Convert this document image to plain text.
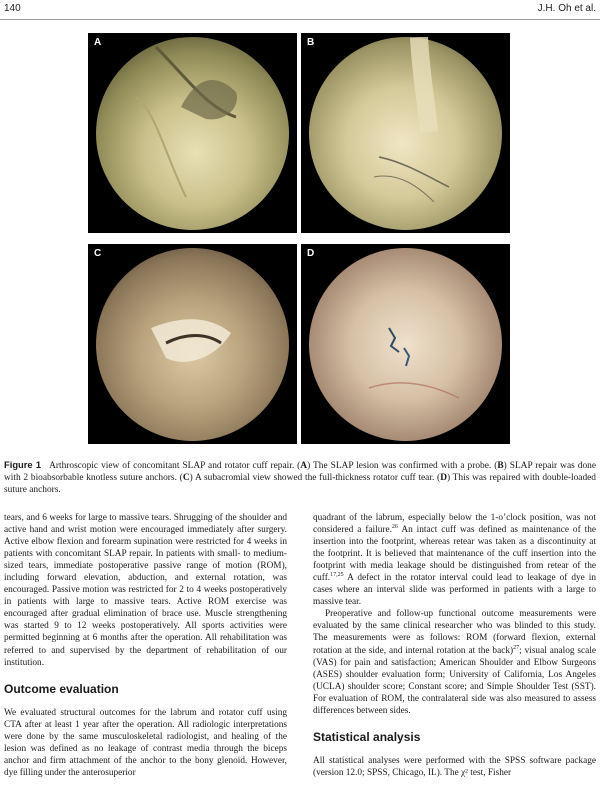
140	J.H. Oh et al.
A	B
C	D
Figure 1 Arthroscopic view of concomitant SLAP and rotator cuff repair. (A) The SLAP lesion was confirmed with a probe. (B) SLAP repair was done with 2 bioabsorbable knotless suture anchors. (C) A subacromial view showed the full-thickness rotator cuff tear. (D) This was repaired with double-loaded suture anchors.

tears, and 6 weeks for large to massive tears. Shrugging of the shoulder and active hand and wrist motion were encouraged immediately after surgery. Active elbow flexion and forearm supination were restricted for 4 weeks in patients with concomitant SLAP repair. In patients with small- to medium-sized tears, immediate postoperative passive range of motion (ROM), including forward elevation, abduction, and external rotation, was encouraged. Passive motion was restricted for 2 to 4 weeks postoperatively in patients with large to massive tears. Active ROM exercise was encouraged after gradual elimination of brace use. Muscle strengthening was started 9 to 12 weeks postoperatively. All sports activities were permitted beginning at 6 months after the operation. All rehabilitation was referred to and supervised by the department of rehabilitation of our institution.

Outcome evaluation

We evaluated structural outcomes for the labrum and rotator cuff using CTA after at least 1 year after the operation. All radiologic interpretations were done by the same musculoskeletal radiologist, and healing of the lesion was defined as no leakage of contrast media through the biceps anchor and firm attachment of the anchor to the bony glenoid. However, dye filling under the anterosuperior

quadrant of the labrum, especially below the 1-o’clock position, was not considered a failure.$^{26}$ An intact cuff was defined as maintenance of the insertion into the footprint, whereas retear was taken as a discontinuity at the footprint. It is believed that maintenance of the cuff insertion into the footprint with media leakage should be distinguished from retear of the cuff.$^{17,25}$ A defect in the rotator interval could lead to leakage of dye in cases where an interval slide was performed in patients with a large to massive tear.

Preoperative and follow-up functional outcome measurements were evaluated by the same clinical researcher who was blinded to this study. The measurements were as follows: ROM (forward flexion, external rotation at the side, and internal rotation at the back)$^{27}$; visual analog scale (VAS) for pain and satisfaction; American Shoulder and Elbow Surgeons (ASES) shoulder evaluation form; University of California, Los Angeles (UCLA) shoulder score; Constant score; and Simple Shoulder Test (SST). For evaluation of ROM, the contralateral side was also measured to assess differences between sides.

Statistical analysis

All statistical analyses were performed with the SPSS software package (version 12.0; SPSS, Chicago, IL). The χ² test, Fisher
